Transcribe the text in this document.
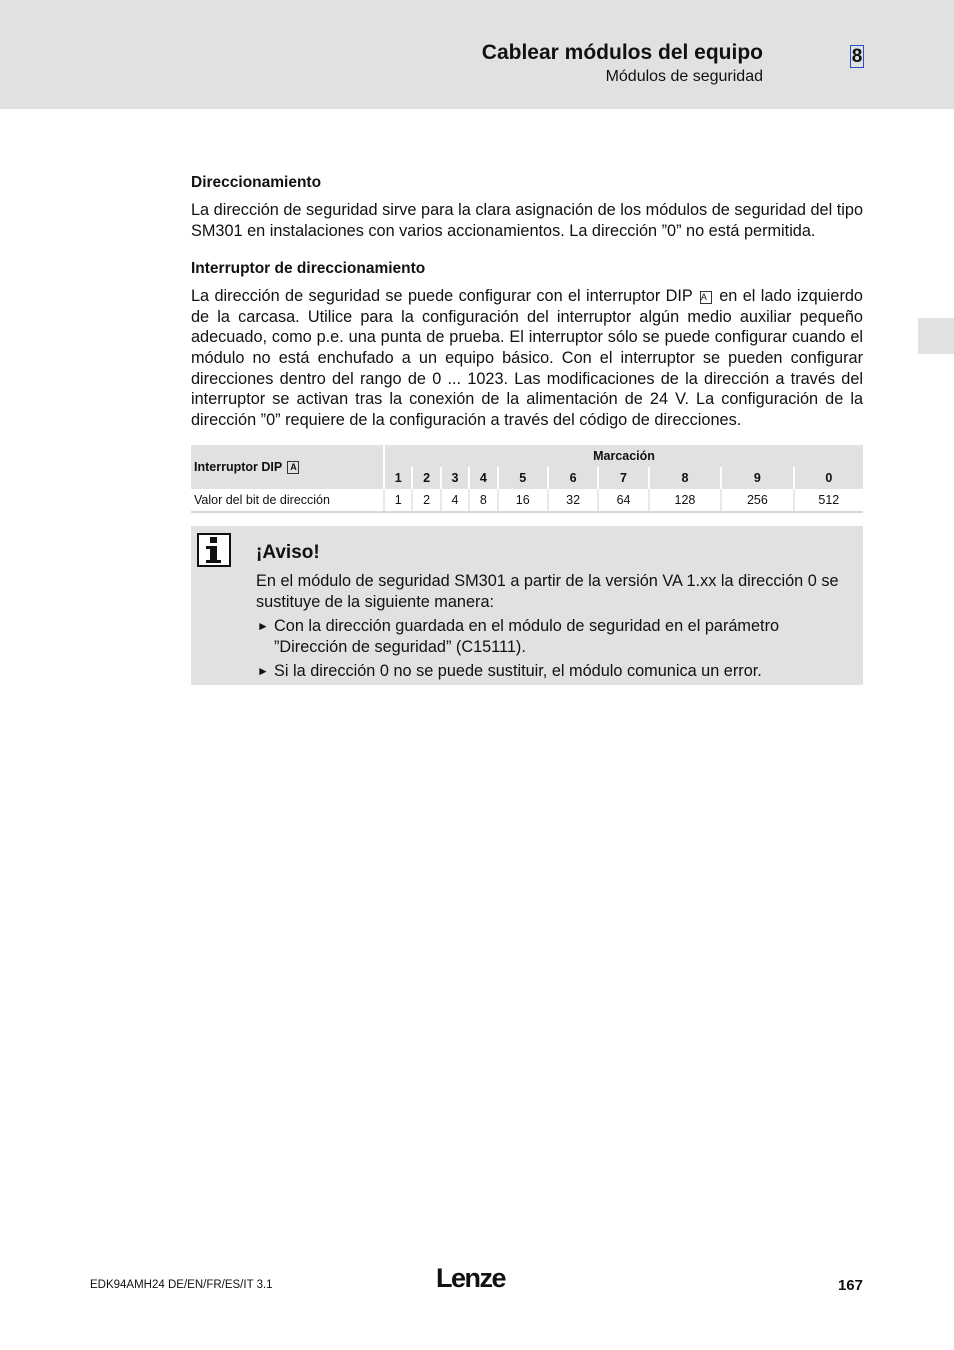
Cablear módulos del equipo
Módulos de seguridad
8
Direccionamiento

La dirección de seguridad sirve para la clara asignación de los módulos de seguridad del tipo SM301 en instalaciones con varios accionamientos. La dirección ”0” no está permitida.

Interruptor de direccionamiento

La dirección de seguridad se puede configurar con el interruptor DIP A en el lado izquierdo de la carcasa. Utilice para la configuración del interruptor algún medio auxiliar pequeño adecuado, como p.e. una punta de prueba. El interruptor sólo se puede configurar cuando el módulo no está enchufado a un equipo básico. Con el interruptor se pueden configurar direcciones dentro del rango de 0 ... 1023. Las modificaciones de la dirección a través del interruptor se activan tras la conexión de la alimentación de 24 V. La configuración de la dirección ”0” requiere de la configuración a través del código de direcciones.

Interruptor DIP A	Marcación									
	1	2	3	4	5	6	7	8	9	0
Valor del bit de dirección	1	2	4	8	16	32	64	128	256	512
¡Aviso!
En el módulo de seguridad SM301 a partir de la versión VA 1.xx la dirección 0 se sustituye de la siguiente manera:
► Con la dirección guardada en el módulo de seguridad en el parámetro ”Dirección de seguridad” (C15111).
► Si la dirección 0 no se puede sustituir, el módulo comunica un error.
EDK94AMH24 DE/EN/FR/ES/IT 3.1	Lenze	167
